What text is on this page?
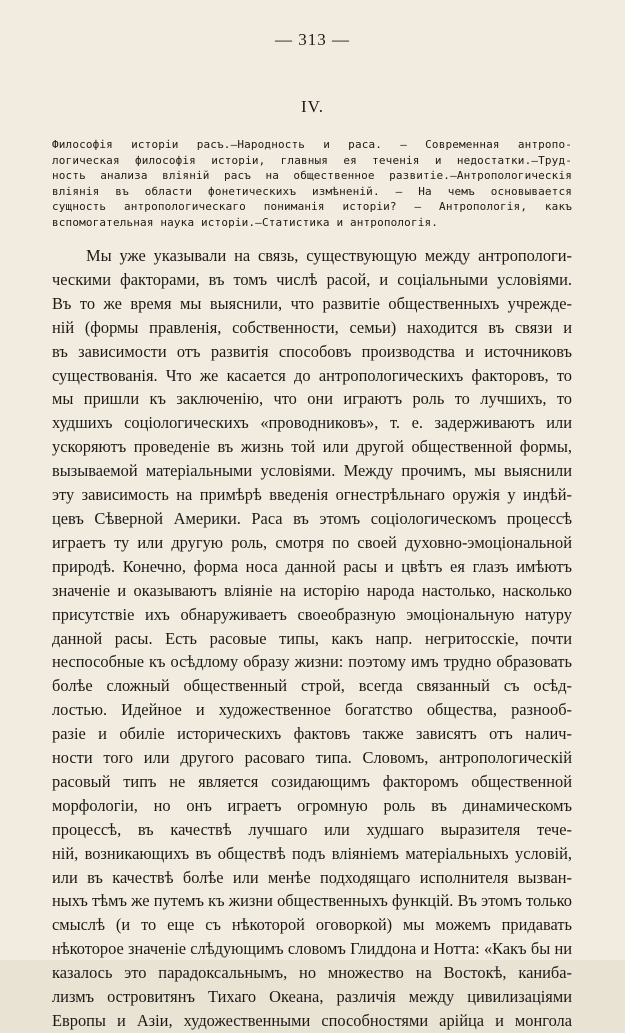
— 313 —
IV.
Философія исторіи расъ.—Народность и раса. — Современная антропо-
логическая философія исторіи, главныя ея теченія и недостатки.—Труд-
ность анализа вліяній расъ на общественное развитіе.—Антропологическія
вліянія въ области фонетическихъ измѣненій. — На чемъ основывается
сущность антропологическаго пониманія исторіи? — Антропологія, какъ
вспомогательная наука исторіи.—Статистика и антропологія.
Мы уже указывали на связь, существующую между антропологи-
ческими факторами, въ томъ числѣ расой, и соціальными условіями.
Въ то же время мы выяснили, что развитіе общественныхъ учрежде-
ній (формы правленія, собственности, семьи) находится въ связи и
въ зависимости отъ развитія способовъ производства и источниковъ
существованія. Что же касается до антропологическихъ факторовъ, то
мы пришли къ заключенію, что они играютъ роль то лучшихъ, то
худшихъ соціологическихъ «проводниковъ», т. е. задерживаютъ или
ускоряютъ проведеніе въ жизнь той или другой общественной формы,
вызываемой матеріальными условіями. Между прочимъ, мы выяснили
эту зависимость на примѣрѣ введенія огнестрѣльнаго оружія у индѣй-
цевъ Сѣверной Америки. Раса въ этомъ соціологическомъ процессѣ
играетъ ту или другую роль, смотря по своей духовно-эмоціональной
природѣ. Конечно, форма носа данной расы и цвѣтъ ея глазъ имѣютъ
значеніе и оказываютъ вліяніе на исторію народа настолько, насколько
присутствіе ихъ обнаруживаетъ своеобразную эмоціональную натуру
данной расы. Есть расовые типы, какъ напр. негритосскіе, почти
неспособные къ осѣдлому образу жизни: поэтому имъ трудно образовать
болѣе сложный общественный строй, всегда связанный съ осѣд-
лостью. Идейное и художественное богатство общества, разнооб-
разіе и обиліе историческихъ фактовъ также зависятъ отъ налич-
ности того или другого расоваго типа. Словомъ, антропологическій
расовый типъ не является созидающимъ факторомъ общественной
морфологіи, но онъ играетъ огромную роль въ динамическомъ
процессѣ, въ качествѣ лучшаго или худшаго выразителя тече-
ній, возникающихъ въ обществѣ подъ вліяніемъ матеріальныхъ условій,
или въ качествѣ болѣе или менѣе подходящаго исполнителя вызван-
ныхъ тѣмъ же путемъ къ жизни общественныхъ функцій. Въ этомъ только
смыслѣ (и то еще съ нѣкоторой оговоркой) мы можемъ придавать
нѣкоторое значеніе слѣдующимъ словомъ Глиддона и Нотта: «Какъ бы ни
казалось это парадоксальнымъ, но множество на Востокѣ, каниба-
лизмъ островитянъ Тихаго Океана, различія между цивилизаціями
Европы и Азіи, художественными способностями арійца и монгола
